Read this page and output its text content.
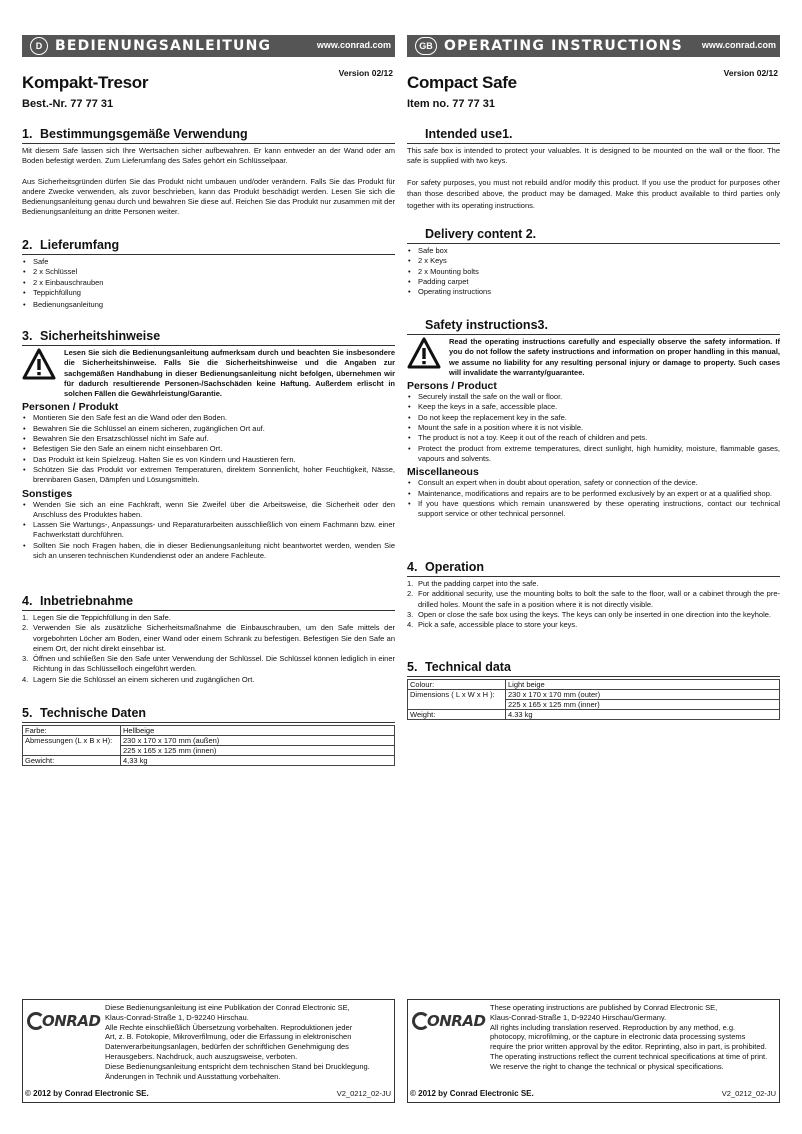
D BEDIENUNGSANLEITUNG	www.conrad.com
Version 02/12
Kompakt-Tresor
Best.-Nr. 77 77 31
1. Bestimmungsgemäße Verwendung

Mit diesem Safe lassen sich Ihre Wertsachen sicher aufbewahren. Er kann entweder an der Wand oder am Boden befestigt werden. Zum Lieferumfang des Safes gehört ein Schlüsselpaar.

Aus Sicherheitsgründen dürfen Sie das Produkt nicht umbauen und/oder verändern. Falls Sie das Produkt für andere Zwecke verwenden, als zuvor beschrieben, kann das Produkt beschädigt werden. Lesen Sie sich die Bedienungsanleitung genau durch und bewahren Sie diese auf. Reichen Sie das Produkt nur zusammen mit der Bedienungsanleitung an dritte Personen weiter.

2. Lieferumfang
• Safe
• 2 x Schlüssel
• 2 x Einbauschrauben
• Teppichfüllung
• Bedienungsanleitung
3. Sicherheitshinweise
Lesen Sie sich die Bedienungsanleitung aufmerksam durch und beachten Sie insbesondere die Sicherheitshinweise. Falls Sie die Sicherheitshinweise und die Angaben zur sachgemäßen Handhabung in dieser Bedienungsanleitung nicht befolgen, übernehmen wir für dadurch resultierende Personen-/Sachschäden keine Haftung. Außerdem erlischt in solchen Fällen die Gewährleistung/Garantie.
Personen / Produkt
• Montieren Sie den Safe fest an die Wand oder den Boden.
• Bewahren Sie die Schlüssel an einem sicheren, zugänglichen Ort auf.
• Bewahren Sie den Ersatzschlüssel nicht im Safe auf.
• Befestigen Sie den Safe an einem nicht einsehbaren Ort.
• Das Produkt ist kein Spielzeug. Halten Sie es von Kindern und Haustieren fern.
• Schützen Sie das Produkt vor extremen Temperaturen, direktem Sonnenlicht, hoher Feuchtigkeit, Nässe, brennbaren Gasen, Dämpfen und Lösungsmitteln.
Sonstiges
• Wenden Sie sich an eine Fachkraft, wenn Sie Zweifel über die Arbeitsweise, die Sicherheit oder den Anschluss des Produktes haben.
• Lassen Sie Wartungs-, Anpassungs- und Reparaturarbeiten ausschließlich von einem Fachmann bzw. einer Fachwerkstatt durchführen.
• Sollten Sie noch Fragen haben, die in dieser Bedienungsanleitung nicht beantwortet werden, wenden Sie sich an unseren technischen Kundendienst oder an andere Fachleute.
4. Inbetriebnahme
1. Legen Sie die Teppichfüllung in den Safe.
2. Verwenden Sie als zusätzliche Sicherheitsmaßnahme die Einbauschrauben, um den Safe mittels der vorgebohrten Löcher am Boden, einer Wand oder einem Schrank zu befestigen. Befestigen Sie den Safe an einem Ort, der nicht direkt einsehbar ist.
3. Öffnen und schließen Sie den Safe unter Verwendung der Schlüssel. Die Schlüssel können lediglich in einer Richtung in das Schlüsselloch eingeführt werden.
4. Lagern Sie die Schlüssel an einem sicheren und zugänglichen Ort.
5. Technische Daten
Farbe:	Hellbeige
Abmessungen (L x B x H):	230 x 170 x 170 mm (außen)
	225 x 165 x 125 mm (innen)
Gewicht:	4,33 kg
GB OPERATING INSTRUCTIONS www.conrad.com
Version 02/12
Compact Safe
Item no. 77 77 31
Intended use1.

This safe box is intended to protect your valuables. It is designed to be mounted on the wall or the floor. The safe is supplied with two keys.

For safety purposes, you must not rebuild and/or modify this product. If you use the product for purposes other than those described above, the product may be damaged. Make this product available to third parties only together with its operating instructions.

Delivery content 2.
• Safe box
• 2 x Keys
• 2 x Mounting bolts
• Padding carpet
• Operating instructions
Safety instructions3.
Read the operating instructions carefully and especially observe the safety information. If you do not follow the safety instructions and information on proper handling in this manual, we assume no liability for any resulting personal injury or damage to property. Such cases will invalidate the warranty/guarantee.
Persons / Product
• Securely install the safe on the wall or floor.
• Keep the keys in a safe, accessible place.
• Do not keep the replacement key in the safe.
• Mount the safe in a position where it is not visible.
• The product is not a toy. Keep it out of the reach of children and pets.
• Protect the product from extreme temperatures, direct sunlight, high humidity, moisture, flammable gases, vapours and solvents.
Miscellaneous
• Consult an expert when in doubt about operation, safety or connection of the device.
• Maintenance, modifications and repairs are to be performed exclusively by an expert or at a qualified shop.
• If you have questions which remain unanswered by these operating instructions, contact our technical support service or other technical personnel.
4. Operation
1. Put the padding carpet into the safe.
2. For additional security, use the mounting bolts to bolt the safe to the floor, wall or a cabinet through the pre-drilled holes. Mount the safe in a position where it is not directly visible.
3. Open or close the safe box using the keys. The keys can only be inserted in one direction into the keyhole.
4. Pick a safe, accessible place to store your keys.
5. Technical data
Colour:	Light beige
Dimensions ( L x W x H ):	230 x 170 x 170 mm (outer)
	225 x 165 x 125 mm (inner)
Weight:	4.33 kg
ONRAD
Diese Bedienungsanleitung ist eine Publikation der Conrad Electronic SE,
Klaus-Conrad-Straße 1, D-92240 Hirschau.
Alle Rechte einschließlich Übersetzung vorbehalten. Reproduktionen jeder
Art, z. B. Fotokopie, Mikroverfilmung, oder die Erfassung in elektronischen
Datenverarbeitungsanlagen, bedürfen der schriftlichen Genehmigung des
Herausgebers. Nachdruck, auch auszugsweise, verboten.
Diese Bedienungsanleitung entspricht dem technischen Stand bei Drucklegung.
Änderungen in Technik und Ausstattung vorbehalten.
© 2012 by Conrad Electronic SE.	V2_0212_02-JU
ONRAD
These operating instructions are published by Conrad Electronic SE,
Klaus-Conrad-Straße 1, D-92240 Hirschau/Germany.
All rights including translation reserved. Reproduction by any method, e.g.
photocopy, microfilming, or the capture in electronic data processing systems
require the prior written approval by the editor. Reprinting, also in part, is prohibited.
The operating instructions reflect the current technical specifications at time of print.
We reserve the right to change the technical or physical specifications.
© 2012 by Conrad Electronic SE.	V2_0212_02-JU
